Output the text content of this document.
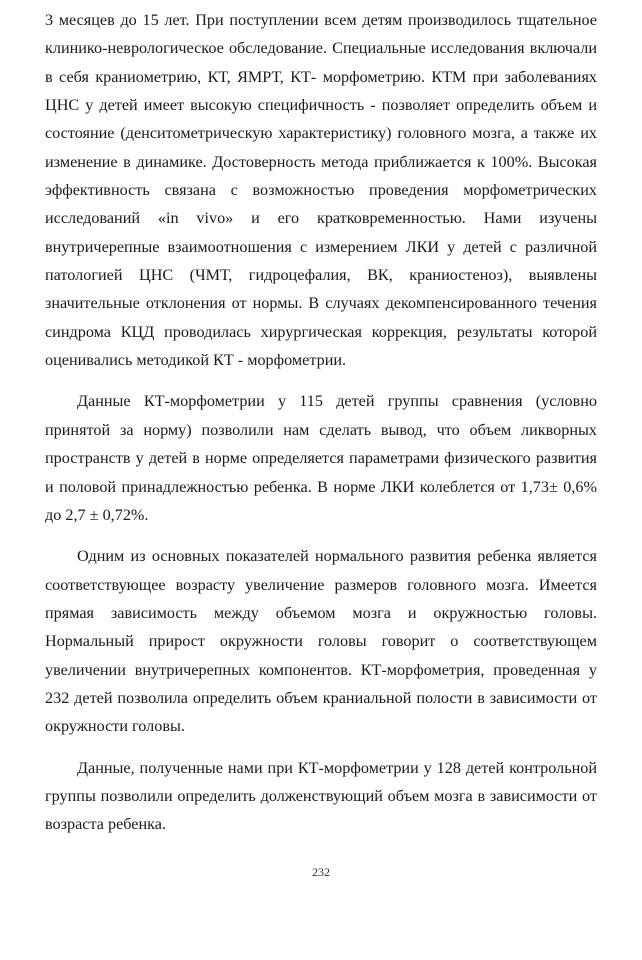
3 месяцев до 15 лет. При поступлении всем детям производилось тщательное клинико-неврологическое обследование. Специальные исследования включали в себя краниометрию, КТ, ЯМРТ, КТ- морфометрию. КТМ при заболеваниях ЦНС у детей имеет высокую специфичность - позволяет определить объем и состояние (денситометрическую характеристику) головного мозга, а также их изменение в динамике. Достоверность метода приближается к 100%. Высокая эффективность связана с возможностью проведения морфометрических исследований «in vivo» и его кратковременностью. Нами изучены внутричерепные взаимоотношения с измерением ЛКИ у детей с различной патологией ЦНС (ЧМТ, гидроцефалия, ВК, краниостеноз), выявлены значительные отклонения от нормы. В случаях декомпенсированного течения синдрома КЦД проводилась хирургическая коррекция, результаты которой оценивались методикой КТ - морфометрии.

Данные КТ-морфометрии у 115 детей группы сравнения (условно принятой за норму) позволили нам сделать вывод, что объем ликворных пространств у детей в норме определяется параметрами физического развития и половой принадлежностью ребенка. В норме ЛКИ колеблется от 1,73± 0,6% до 2,7 ± 0,72%.

Одним из основных показателей нормального развития ребенка является соответствующее возрасту увеличение размеров головного мозга. Имеется прямая зависимость между объемом мозга и окружностью головы. Нормальный прирост окружности головы говорит о соответствующем увеличении внутричерепных компонентов. КТ-морфометрия, проведенная у 232 детей позволила определить объем краниальной полости в зависимости от окружности головы.

Данные, полученные нами при КТ-морфометрии у 128 детей контрольной группы позволили определить долженствующий объем мозга в зависимости от возраста ребенка.

232
